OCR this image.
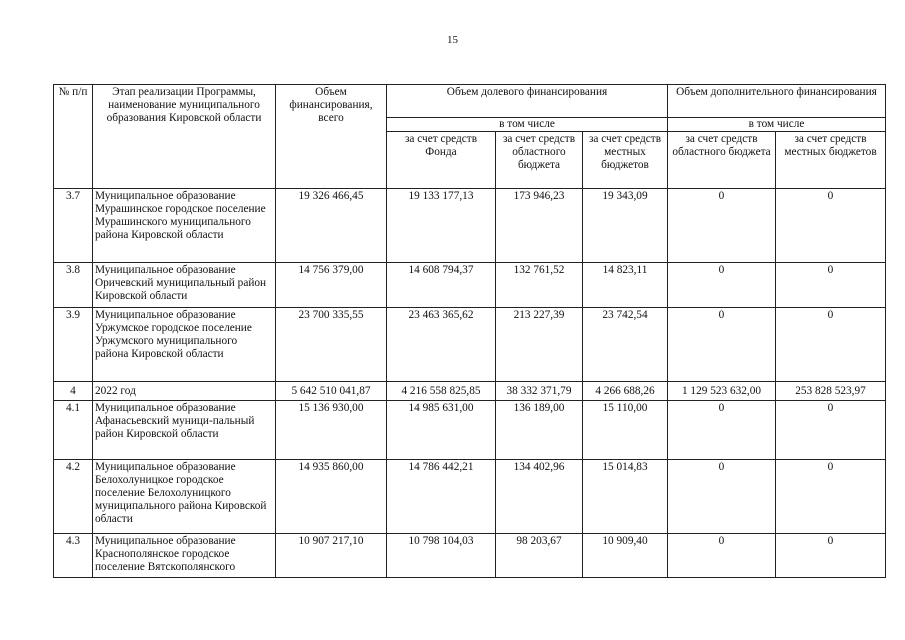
15
№ п/п	Этап реализации Программы, наименование муниципального образования Кировской области	Объем финансирования, всего	Объем долевого финансирования			Объем дополнительного финансирования	
			в том числе			в том числе	
			за счет средств Фонда	за счет средств областного бюджета	за счет средств местных бюджетов	за счет средств областного бюджета	за счет средств местных бюджетов
3.7	Муниципальное образование Мурашинское городское поселение Мурашинского муниципального района Кировской области	19 326 466,45	19 133 177,13	173 946,23	19 343,09	0	0
3.8	Муниципальное образование Оричевский муниципальный район Кировской области	14 756 379,00	14 608 794,37	132 761,52	14 823,11	0	0
3.9	Муниципальное образование Уржумское городское поселение Уржумского муниципального района Кировской области	23 700 335,55	23 463 365,62	213 227,39	23 742,54	0	0
4	2022 год	5 642 510 041,87	4 216 558 825,85	38 332 371,79	4 266 688,26	1 129 523 632,00	253 828 523,97
4.1	Муниципальное образование Афанасьевский муници-пальный район Кировской области	15 136 930,00	14 985 631,00	136 189,00	15 110,00	0	0
4.2	Муниципальное образование Белохолуницкое городское поселение Белохолуницкого муниципального района Кировской области	14 935 860,00	14 786 442,21	134 402,96	15 014,83	0	0
4.3	Муниципальное образование Краснополянское городское поселение Вятскополянского	10 907 217,10	10 798 104,03	98 203,67	10 909,40	0	0
